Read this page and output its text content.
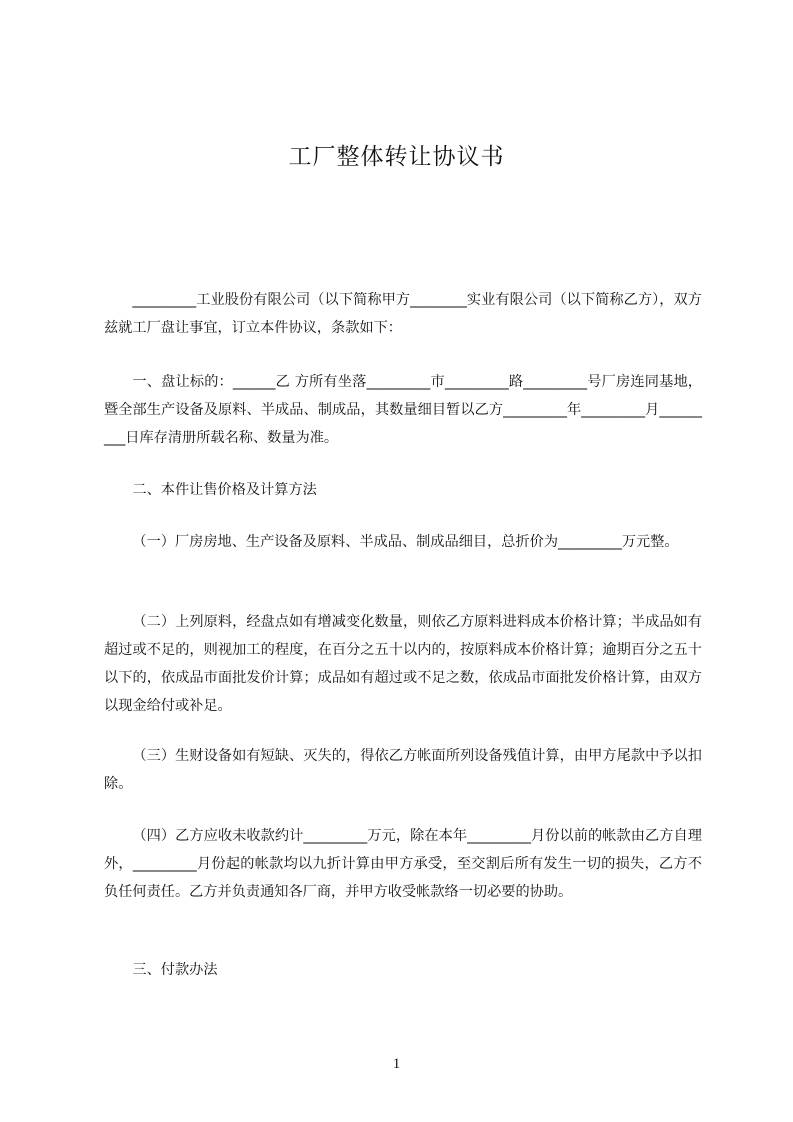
工厂整体转让协议书

_________工业股份有限公司（以下简称甲方________实业有限公司（以下简称乙方），双方兹就工厂盘让事宜，订立本件协议，条款如下：

一、盘让标的：______乙 方所有坐落_________市_________路_________号厂房连同基地，暨全部生产设备及原料、半成品、制成品，其数量细目暂以乙方_________年_________月_________日库存清册所载名称、数量为准。

二、本件让售价格及计算方法

（一）厂房房地、生产设备及原料、半成品、制成品细目，总折价为_________万元整。

（二）上列原料，经盘点如有增减变化数量，则依乙方原料进料成本价格计算；半成品如有超过或不足的，则视加工的程度，在百分之五十以内的，按原料成本价格计算；逾期百分之五十以下的，依成品市面批发价计算；成品如有超过或不足之数，依成品市面批发价格计算，由双方以现金给付或补足。

（三）生财设备如有短缺、灭失的，得依乙方帐面所列设备残值计算，由甲方尾款中予以扣除。

（四）乙方应收未收款约计_________万元，除在本年_________月份以前的帐款由乙方自理外，_________月份起的帐款均以九折计算由甲方承受，至交割后所有发生一切的损失，乙方不负任何责任。乙方并负责通知各厂商，并甲方收受帐款络一切必要的协助。

三、付款办法

1
